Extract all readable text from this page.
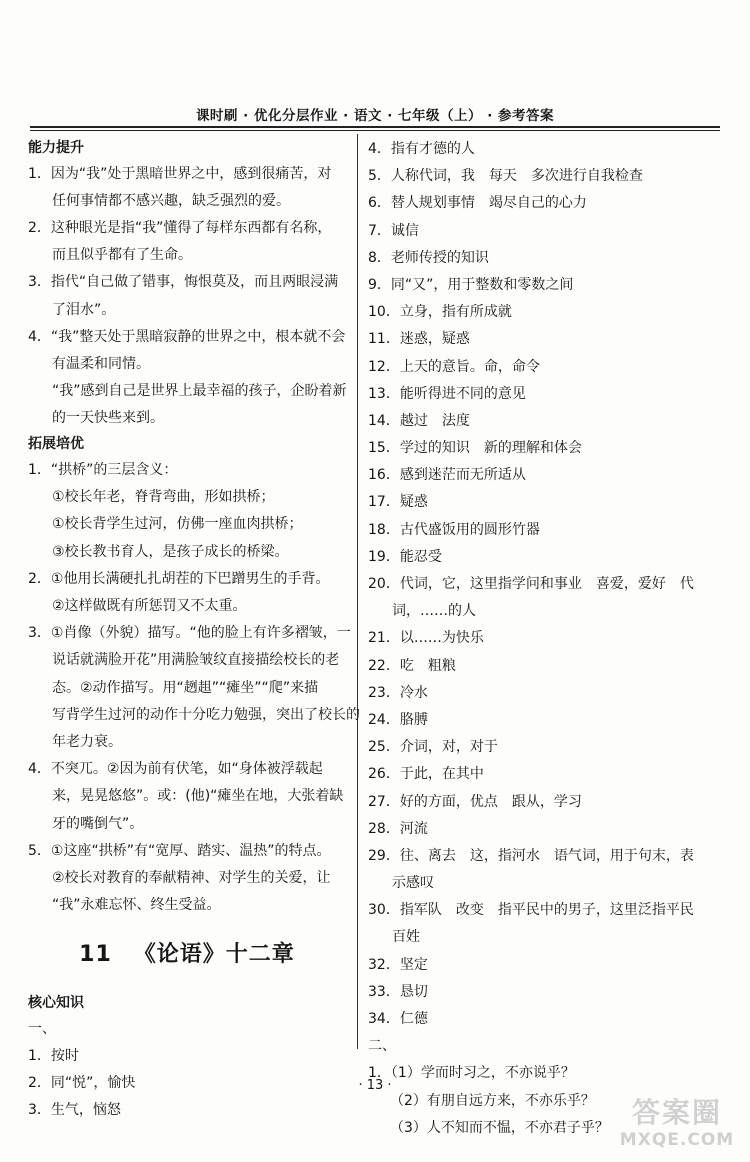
课时刷 · 优化分层作业 · 语文 · 七年级（上） · 参考答案
能力提升
1．因为“我”处于黑暗世界之中，感到很痛苦，对
任何事情都不感兴趣，缺乏强烈的爱。
2．这种眼光是指“我”懂得了每样东西都有名称，
而且似乎都有了生命。
3．指代“自己做了错事，悔恨莫及，而且两眼浸满
了泪水”。
4．“我”整天处于黑暗寂静的世界之中，根本就不会
有温柔和同情。
“我”感到自己是世界上最幸福的孩子，企盼着新
的一天快些来到。
拓展培优
1．“拱桥”的三层含义：
①校长年老，脊背弯曲，形如拱桥；
①校长背学生过河，仿佛一座血肉拱桥；
③校长教书育人，是孩子成长的桥梁。
2．①他用长满硬扎扎胡茬的下巴蹭男生的手背。
②这样做既有所惩罚又不太重。
3．①肖像（外貌）描写。“他的脸上有许多褶皱，一
说话就满脸开花”用满脸皱纹直接描绘校长的老
态。②动作描写。用“趔趄”“瘫坐”“爬”来描
写背学生过河的动作十分吃力勉强，突出了校长的
年老力衰。
4．不突兀。②因为前有伏笔，如“身体被浮载起
来，晃晃悠悠”。或：(他)“瘫坐在地，大张着缺
牙的嘴倒气”。
5．①这座“拱桥”有“宽厚、踏实、温热”的特点。
②校长对教育的奉献精神、对学生的关爱，让
“我”永难忘怀、终生受益。
11 《论语》十二章
核心知识
一、
1．按时
2．同“悦”，愉快
3．生气，恼怒
4．指有才德的人
5．人称代词，我　每天　多次进行自我检查
6．替人规划事情　竭尽自己的心力
7．诚信
8．老师传授的知识
9．同“又”，用于整数和零数之间
10．立身，指有所成就
11．迷惑，疑惑
12．上天的意旨。命，命令
13．能听得进不同的意见
14．越过　法度
15．学过的知识　新的理解和体会
16．感到迷茫而无所适从
17．疑惑
18．古代盛饭用的圆形竹器
19．能忍受
20．代词，它，这里指学问和事业　喜爱，爱好　代
词，……的人
21．以……为快乐
22．吃　粗粮
23．冷水
24．胳膊
25．介词，对，对于
26．于此，在其中
27．好的方面，优点　跟从，学习
28．河流
29．往、离去　这，指河水　语气词，用于句末，表
示感叹
30．指军队　改变　指平民中的男子，这里泛指平民
百姓
32．坚定
33．恳切
34．仁德
二、
1．（1）学而时习之，不亦说乎？
（2）有朋自远方来，不亦乐乎？
（3）人不知而不愠，不亦君子乎？
· 13 ·
答案圈
MXQE.COM
